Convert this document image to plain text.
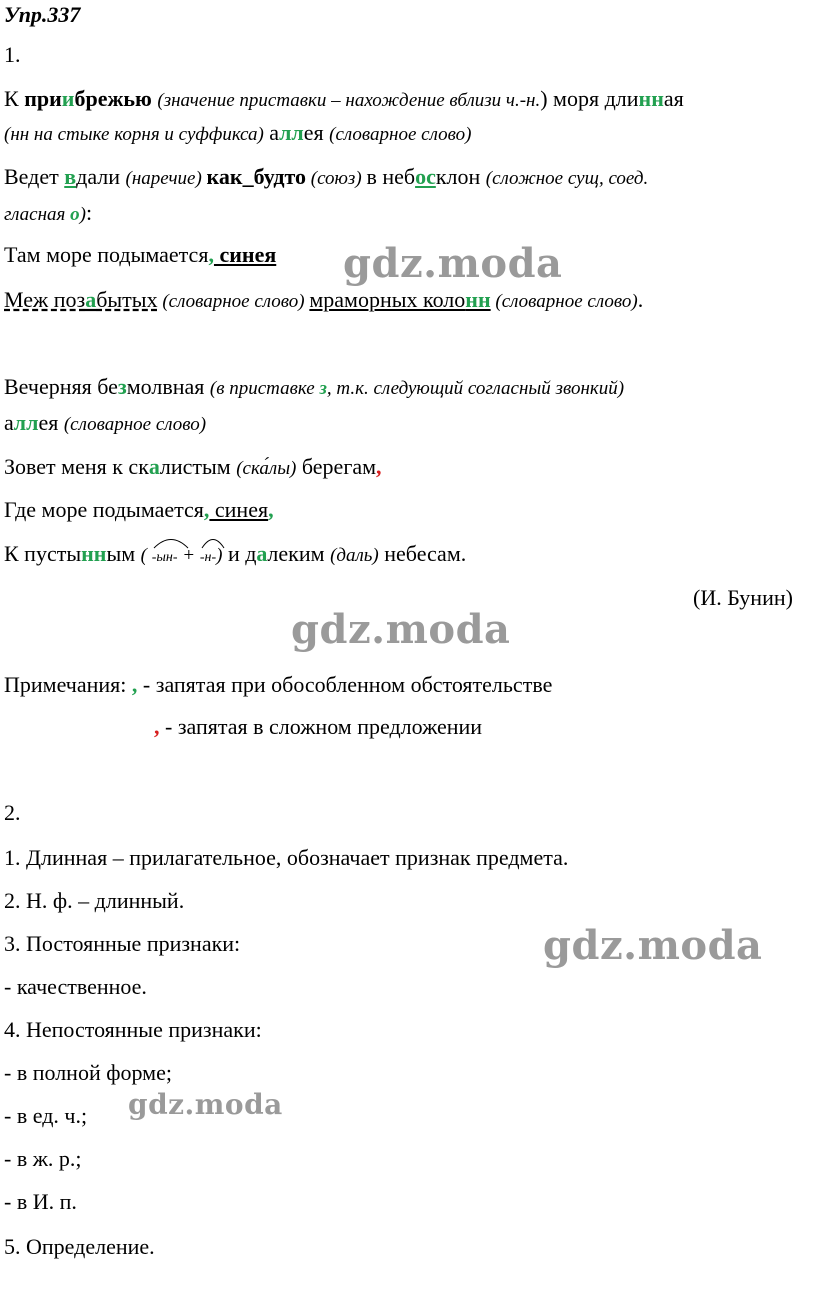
Упр.337
1.
К приибрежью (значение приставки – нахождение вблизи ч.-н.) моря длинная
(нн на стыке корня и суффикса) аллея (словарное слово)
Ведет вдали (наречие) как_будто (союз) в небосклон (сложное сущ, соед.
гласная о):
Там море подымается, синея
Меж позабытых (словарное слово) мраморных колонн (словарное слово).
Вечерняя безмолвная (в приставке з, т.к. следующий согласный звонкий)
аллея (словарное слово)
Зовет меня к скалистым (ска́лы) берегам,
Где море подымается, синея,
К пустынным (
-ын- +
-н-) и далеким (даль) небесам.
(И. Бунин)
gdz.moda
Примечания: , - запятая при обособленном обстоятельстве
, - запятая в сложном предложении
2.
1. Длинная – прилагательное, обозначает признак предмета.
2. Н. ф. – длинный.
3. Постоянные признаки:
- качественное.
4. Непостоянные признаки:
- в полной форме;
- в ед. ч.;
- в ж. р.;
- в И. п.
5. Определение.
gdz.moda
gdz.moda
gdz.moda
